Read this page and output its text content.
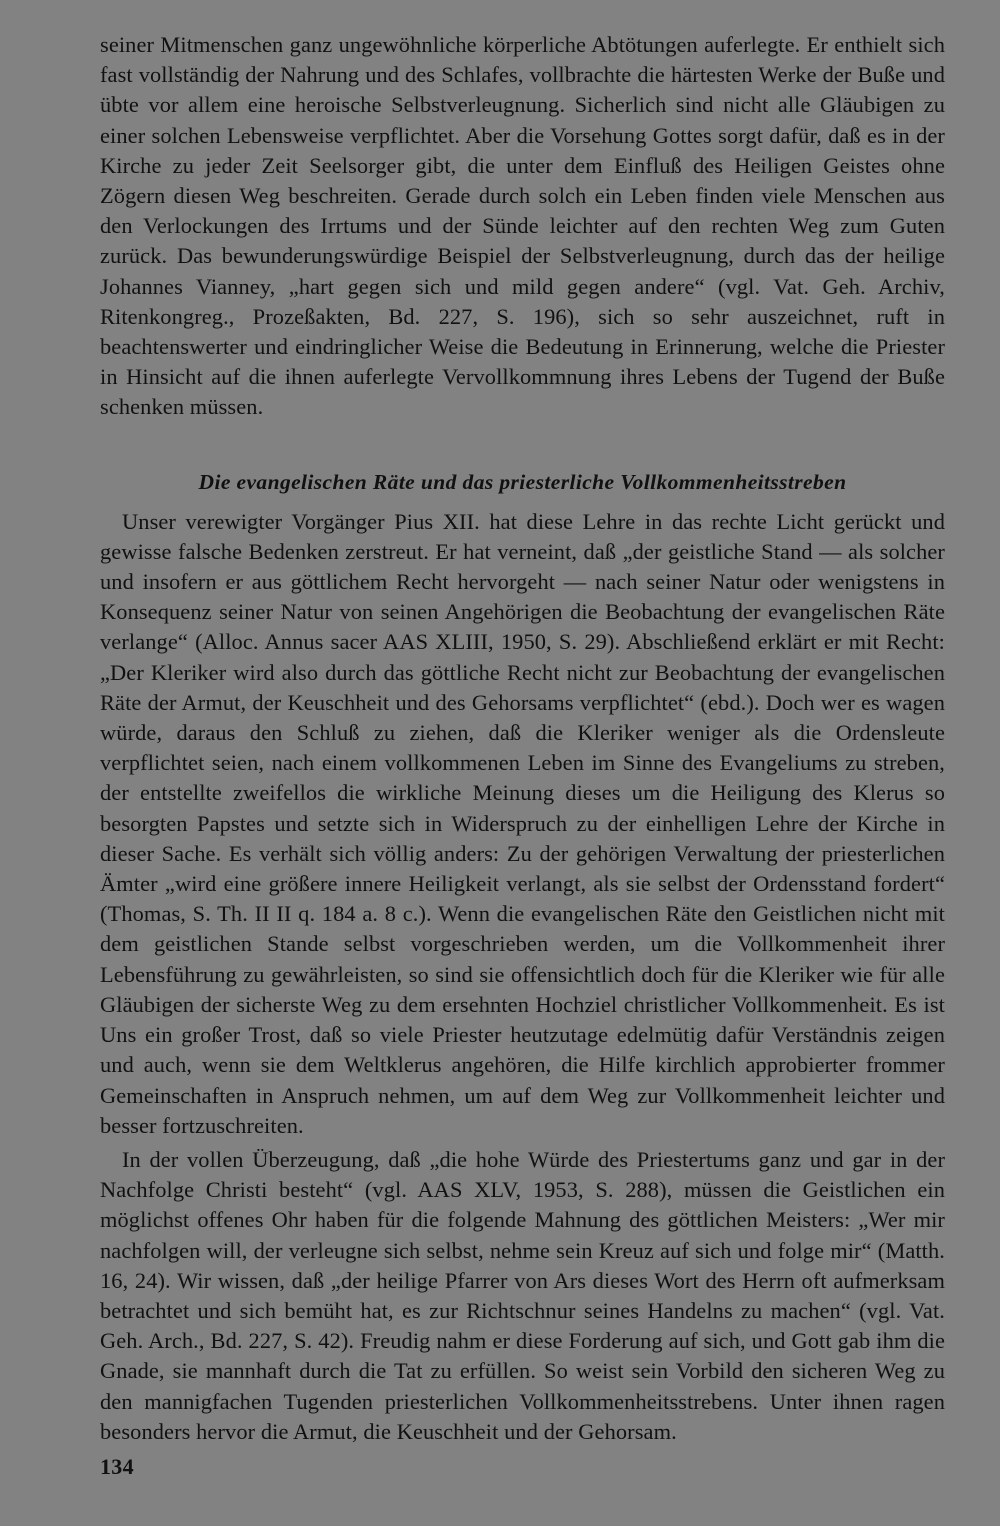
seiner Mitmenschen ganz ungewöhnliche körperliche Abtötungen auferlegte. Er enthielt sich fast vollständig der Nahrung und des Schlafes, vollbrachte die härtesten Werke der Buße und übte vor allem eine heroische Selbstverleugnung. Sicherlich sind nicht alle Gläubigen zu einer solchen Lebensweise verpflichtet. Aber die Vorsehung Gottes sorgt dafür, daß es in der Kirche zu jeder Zeit Seelsorger gibt, die unter dem Einfluß des Heiligen Geistes ohne Zögern diesen Weg beschreiten. Gerade durch solch ein Leben finden viele Menschen aus den Verlockungen des Irrtums und der Sünde leichter auf den rechten Weg zum Guten zurück. Das bewunderungswürdige Beispiel der Selbstverleugnung, durch das der heilige Johannes Vianney, „hart gegen sich und mild gegen andere“ (vgl. Vat. Geh. Archiv, Ritenkongreg., Prozeßakten, Bd. 227, S. 196), sich so sehr auszeichnet, ruft in beachtenswerter und eindringlicher Weise die Bedeutung in Erinnerung, welche die Priester in Hinsicht auf die ihnen auferlegte Vervollkommnung ihres Lebens der Tugend der Buße schenken müssen.

Die evangelischen Räte und das priesterliche Vollkommenheitsstreben

Unser verewigter Vorgänger Pius XII. hat diese Lehre in das rechte Licht gerückt und gewisse falsche Bedenken zerstreut. Er hat verneint, daß „der geistliche Stand — als solcher und insofern er aus göttlichem Recht hervorgeht — nach seiner Natur oder wenigstens in Konsequenz seiner Natur von seinen Angehörigen die Beobachtung der evangelischen Räte verlange“ (Alloc. Annus sacer AAS XLIII, 1950, S. 29). Abschließend erklärt er mit Recht: „Der Kleriker wird also durch das göttliche Recht nicht zur Beobachtung der evangelischen Räte der Armut, der Keuschheit und des Gehorsams verpflichtet“ (ebd.). Doch wer es wagen würde, daraus den Schluß zu ziehen, daß die Kleriker weniger als die Ordensleute verpflichtet seien, nach einem vollkommenen Leben im Sinne des Evangeliums zu streben, der entstellte zweifellos die wirkliche Meinung dieses um die Heiligung des Klerus so besorgten Papstes und setzte sich in Widerspruch zu der einhelligen Lehre der Kirche in dieser Sache. Es verhält sich völlig anders: Zu der gehörigen Verwaltung der priesterlichen Ämter „wird eine größere innere Heiligkeit verlangt, als sie selbst der Ordensstand fordert“ (Thomas, S. Th. II II q. 184 a. 8 c.). Wenn die evangelischen Räte den Geistlichen nicht mit dem geistlichen Stande selbst vorgeschrieben werden, um die Vollkommenheit ihrer Lebensführung zu gewährleisten, so sind sie offensichtlich doch für die Kleriker wie für alle Gläubigen der sicherste Weg zu dem ersehnten Hochziel christlicher Vollkommenheit. Es ist Uns ein großer Trost, daß so viele Priester heutzutage edelmütig dafür Verständnis zeigen und auch, wenn sie dem Weltklerus angehören, die Hilfe kirchlich approbierter frommer Gemeinschaften in Anspruch nehmen, um auf dem Weg zur Vollkommenheit leichter und besser fortzuschreiten.

In der vollen Überzeugung, daß „die hohe Würde des Priestertums ganz und gar in der Nachfolge Christi besteht“ (vgl. AAS XLV, 1953, S. 288), müssen die Geistlichen ein möglichst offenes Ohr haben für die folgende Mahnung des göttlichen Meisters: „Wer mir nachfolgen will, der verleugne sich selbst, nehme sein Kreuz auf sich und folge mir“ (Matth. 16, 24). Wir wissen, daß „der heilige Pfarrer von Ars dieses Wort des Herrn oft aufmerksam betrachtet und sich bemüht hat, es zur Richtschnur seines Handelns zu machen“ (vgl. Vat. Geh. Arch., Bd. 227, S. 42). Freudig nahm er diese Forderung auf sich, und Gott gab ihm die Gnade, sie mannhaft durch die Tat zu erfüllen. So weist sein Vorbild den sicheren Weg zu den mannigfachen Tugenden priesterlichen Vollkommenheitsstrebens. Unter ihnen ragen besonders hervor die Armut, die Keuschheit und der Gehorsam.

134
